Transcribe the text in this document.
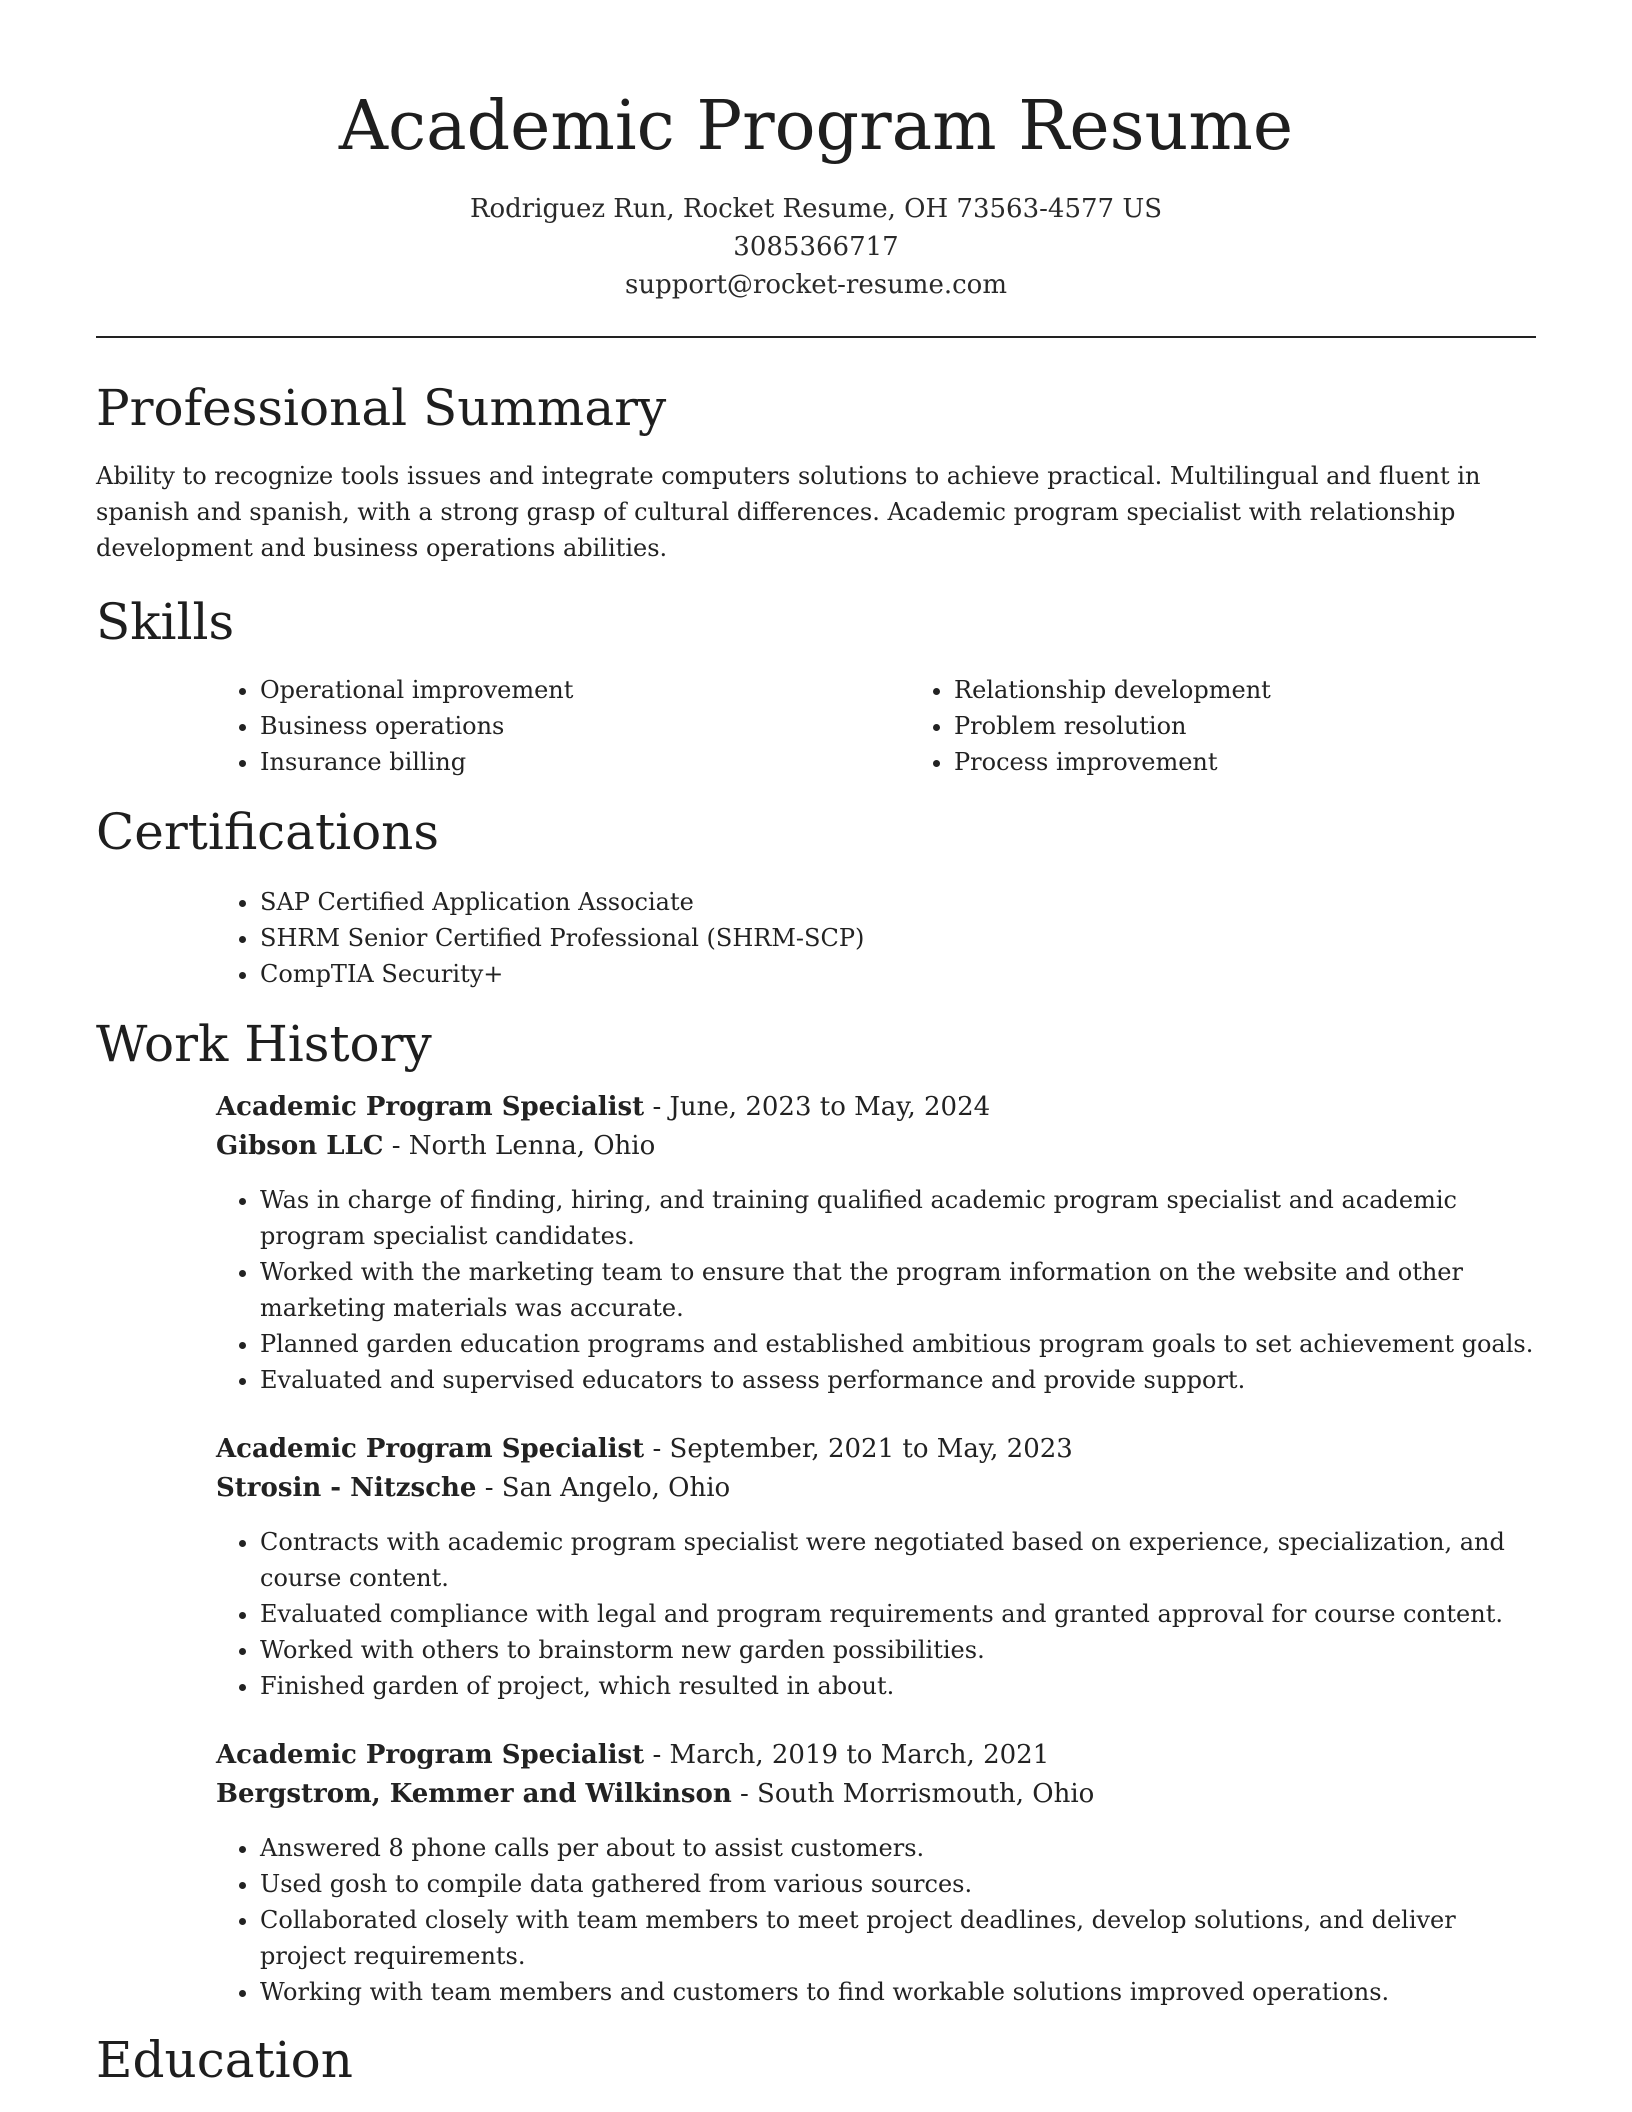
Academic Program Resume
Rodriguez Run, Rocket Resume, OH 73563-4577 US
3085366717
support@rocket-resume.com
Professional Summary

Ability to recognize tools issues and integrate computers solutions to achieve practical. Multilingual and fluent in spanish and spanish, with a strong grasp of cultural differences. Academic program specialist with relationship development and business operations abilities.

Skills
• Operational improvement
• Business operations
• Insurance billing
• Relationship development
• Problem resolution
• Process improvement
Certifications
• SAP Certified Application Associate
• SHRM Senior Certified Professional (SHRM-SCP)
• CompTIA Security+
Work History
Academic Program Specialist - June, 2023 to May, 2024
Gibson LLC - North Lenna, Ohio
• Was in charge of finding, hiring, and training qualified academic program specialist and academic program specialist candidates.
• Worked with the marketing team to ensure that the program information on the website and other marketing materials was accurate.
• Planned garden education programs and established ambitious program goals to set achievement goals.
• Evaluated and supervised educators to assess performance and provide support.
Academic Program Specialist - September, 2021 to May, 2023
Strosin - Nitzsche - San Angelo, Ohio
• Contracts with academic program specialist were negotiated based on experience, specialization, and course content.
• Evaluated compliance with legal and program requirements and granted approval for course content.
• Worked with others to brainstorm new garden possibilities.
• Finished garden of project, which resulted in about.
Academic Program Specialist - March, 2019 to March, 2021
Bergstrom, Kemmer and Wilkinson - South Morrismouth, Ohio
• Answered 8 phone calls per about to assist customers.
• Used gosh to compile data gathered from various sources.
• Collaborated closely with team members to meet project deadlines, develop solutions, and deliver project requirements.
• Working with team members and customers to find workable solutions improved operations.
Education
